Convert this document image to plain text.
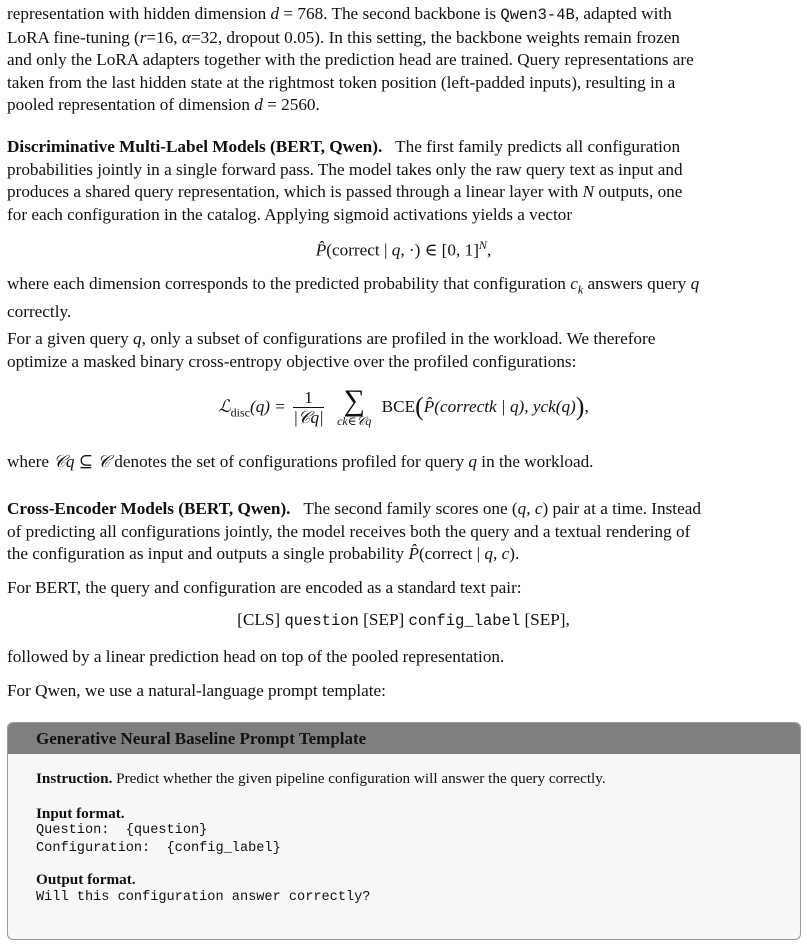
representation with hidden dimension d = 768. The second backbone is Qwen3-4B, adapted with

LoRA fine-tuning (r=16, α=32, dropout 0.05). In this setting, the backbone weights remain frozen

and only the LoRA adapters together with the prediction head are trained. Query representations are

taken from the last hidden state at the rightmost token position (left-padded inputs), resulting in a

pooled representation of dimension d = 2560.

Discriminative Multi-Label Models (BERT, Qwen). The first family predicts all configuration

probabilities jointly in a single forward pass. The model takes only the raw query text as input and

produces a shared query representation, which is passed through a linear layer with N outputs, one

for each configuration in the catalog. Applying sigmoid activations yields a vector

P̂(correct | q, ·) ∈ [0, 1]$^N$,

where each dimension corresponds to the predicted probability that configuration $c_k$ answers query q

correctly.

For a given query q, only a subset of configurations are profiled in the workload. We therefore

optimize a masked binary cross-entropy objective over the profiled configurations:

ℒ$_{disc}$(q) = $\frac{1}{\text{|𝒞q|}}$
∑
ck∈𝒞q
BCE(P̂(correctk | q), yck(q)),

where 𝒞q ⊆ 𝒞 denotes the set of configurations profiled for query q in the workload.

Cross-Encoder Models (BERT, Qwen). The second family scores one (q, c) pair at a time. Instead

of predicting all configurations jointly, the model receives both the query and a textual rendering of

the configuration as input and outputs a single probability P̂(correct | q, c).

For BERT, the query and configuration are encoded as a standard text pair:

[CLS] question [SEP] config_label [SEP],

followed by a linear prediction head on top of the pooled representation.

For Qwen, we use a natural-language prompt template:

Generative Neural Baseline Prompt Template
Instruction. Predict whether the given pipeline configuration will answer the query correctly.
Input format.
Question:  {question}
Configuration:  {config_label}
Output format.
Will this configuration answer correctly?
